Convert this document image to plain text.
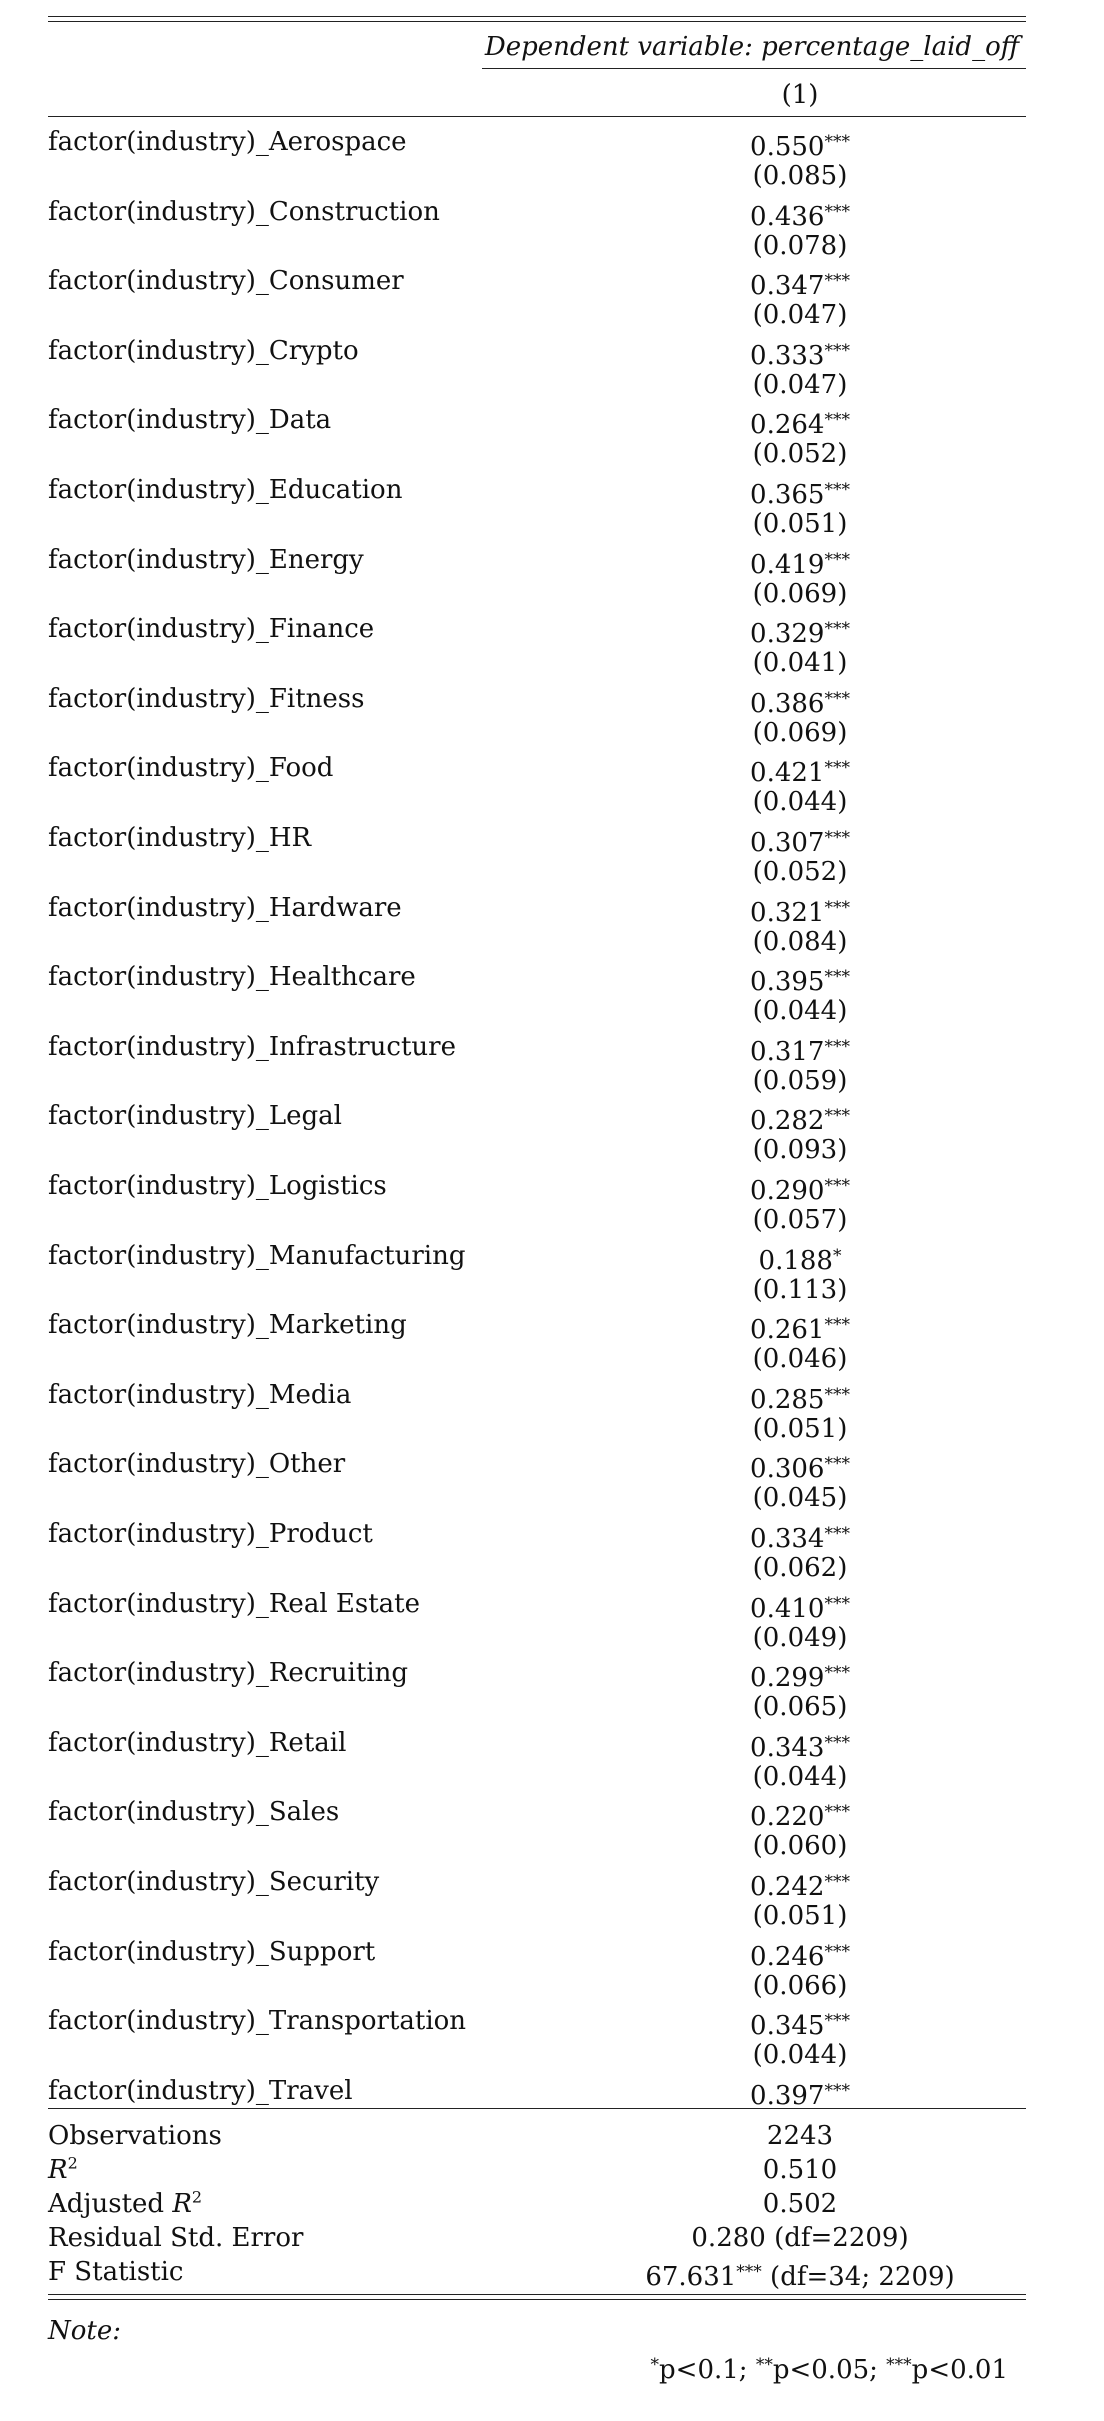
Dependent variable: percentage_laid_off
(1)
factor(industry)_Aerospace	0.550***
(0.085)
factor(industry)_Construction	0.436***
(0.078)
factor(industry)_Consumer	0.347***
(0.047)
factor(industry)_Crypto	0.333***
(0.047)
factor(industry)_Data	0.264***
(0.052)
factor(industry)_Education	0.365***
(0.051)
factor(industry)_Energy	0.419***
(0.069)
factor(industry)_Finance	0.329***
(0.041)
factor(industry)_Fitness	0.386***
(0.069)
factor(industry)_Food	0.421***
(0.044)
factor(industry)_HR	0.307***
(0.052)
factor(industry)_Hardware	0.321***
(0.084)
factor(industry)_Healthcare	0.395***
(0.044)
factor(industry)_Infrastructure	0.317***
(0.059)
factor(industry)_Legal	0.282***
(0.093)
factor(industry)_Logistics	0.290***
(0.057)
factor(industry)_Manufacturing	0.188*
(0.113)
factor(industry)_Marketing	0.261***
(0.046)
factor(industry)_Media	0.285***
(0.051)
factor(industry)_Other	0.306***
(0.045)
factor(industry)_Product	0.334***
(0.062)
factor(industry)_Real Estate	0.410***
(0.049)
factor(industry)_Recruiting	0.299***
(0.065)
factor(industry)_Retail	0.343***
(0.044)
factor(industry)_Sales	0.220***
(0.060)
factor(industry)_Security	0.242***
(0.051)
factor(industry)_Support	0.246***
(0.066)
factor(industry)_Transportation	0.345***
(0.044)
factor(industry)_Travel	0.397***
Observations	2243
$R^2$	0.510
Adjusted $R^2$	0.502
Residual Std. Error	0.280 (df=2209)
F Statistic	67.631*** (df=34; 2209)
Note:

*p<0.1; **p<0.05; ***p<0.01
